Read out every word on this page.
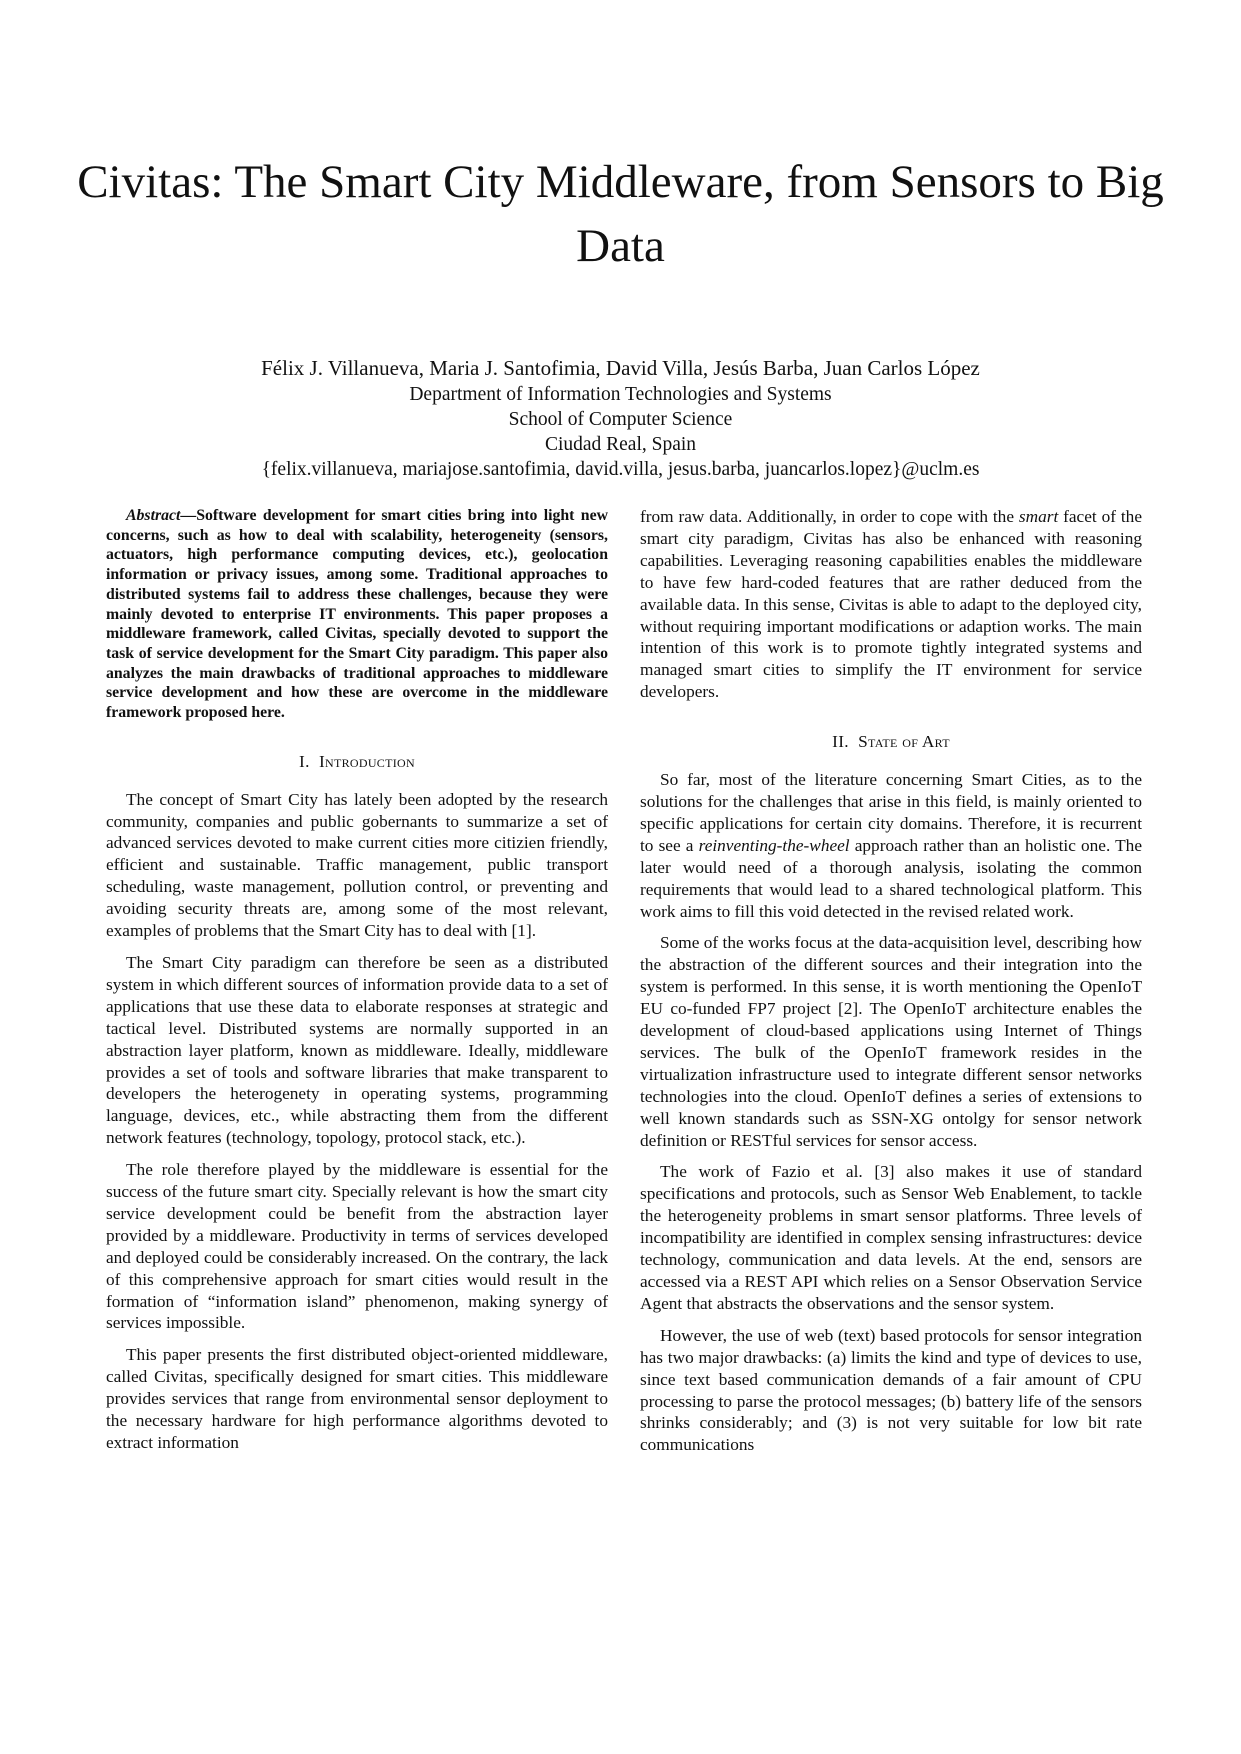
Civitas: The Smart City Middleware, from Sensors to Big Data
Félix J. Villanueva, Maria J. Santofimia, David Villa, Jesús Barba, Juan Carlos López
Department of Information Technologies and Systems
School of Computer Science
Ciudad Real, Spain
{felix.villanueva, mariajose.santofimia, david.villa, jesus.barba, juancarlos.lopez}@uclm.es

Abstract—Software development for smart cities bring into light new concerns, such as how to deal with scalability, heterogeneity (sensors, actuators, high performance computing devices, etc.), geolocation information or privacy issues, among some. Traditional approaches to distributed systems fail to address these challenges, because they were mainly devoted to enterprise IT environments. This paper proposes a middleware framework, called Civitas, specially devoted to support the task of service development for the Smart City paradigm. This paper also analyzes the main drawbacks of traditional approaches to middleware service development and how these are overcome in the middleware framework proposed here.

I. Introduction

The concept of Smart City has lately been adopted by the research community, companies and public gobernants to summarize a set of advanced services devoted to make current cities more citizien friendly, efficient and sustainable. Traffic management, public transport scheduling, waste management, pollution control, or preventing and avoiding security threats are, among some of the most relevant, examples of problems that the Smart City has to deal with [1].

The Smart City paradigm can therefore be seen as a distributed system in which different sources of information provide data to a set of applications that use these data to elaborate responses at strategic and tactical level. Distributed systems are normally supported in an abstraction layer platform, known as middleware. Ideally, middleware provides a set of tools and software libraries that make transparent to developers the heterogenety in operating systems, programming language, devices, etc., while abstracting them from the different network features (technology, topology, protocol stack, etc.).

The role therefore played by the middleware is essential for the success of the future smart city. Specially relevant is how the smart city service development could be benefit from the abstraction layer provided by a middleware. Productivity in terms of services developed and deployed could be considerably increased. On the contrary, the lack of this comprehensive approach for smart cities would result in the formation of “information island” phenomenon, making synergy of services impossible.

This paper presents the first distributed object-oriented middleware, called Civitas, specifically designed for smart cities. This middleware provides services that range from environmental sensor deployment to the necessary hardware for high performance algorithms devoted to extract information

from raw data. Additionally, in order to cope with the smart facet of the smart city paradigm, Civitas has also be enhanced with reasoning capabilities. Leveraging reasoning capabilities enables the middleware to have few hard-coded features that are rather deduced from the available data. In this sense, Civitas is able to adapt to the deployed city, without requiring important modifications or adaption works. The main intention of this work is to promote tightly integrated systems and managed smart cities to simplify the IT environment for service developers.

II. State of Art

So far, most of the literature concerning Smart Cities, as to the solutions for the challenges that arise in this field, is mainly oriented to specific applications for certain city domains. Therefore, it is recurrent to see a reinventing-the-wheel approach rather than an holistic one. The later would need of a thorough analysis, isolating the common requirements that would lead to a shared technological platform. This work aims to fill this void detected in the revised related work.

Some of the works focus at the data-acquisition level, describing how the abstraction of the different sources and their integration into the system is performed. In this sense, it is worth mentioning the OpenIoT EU co-funded FP7 project [2]. The OpenIoT architecture enables the development of cloud-based applications using Internet of Things services. The bulk of the OpenIoT framework resides in the virtualization infrastructure used to integrate different sensor networks technologies into the cloud. OpenIoT defines a series of extensions to well known standards such as SSN-XG ontolgy for sensor network definition or RESTful services for sensor access.

The work of Fazio et al. [3] also makes it use of standard specifications and protocols, such as Sensor Web Enablement, to tackle the heterogeneity problems in smart sensor platforms. Three levels of incompatibility are identified in complex sensing infrastructures: device technology, communication and data levels. At the end, sensors are accessed via a REST API which relies on a Sensor Observation Service Agent that abstracts the observations and the sensor system.

However, the use of web (text) based protocols for sensor integration has two major drawbacks: (a) limits the kind and type of devices to use, since text based communication demands of a fair amount of CPU processing to parse the protocol messages; (b) battery life of the sensors shrinks considerably; and (3) is not very suitable for low bit rate communications
